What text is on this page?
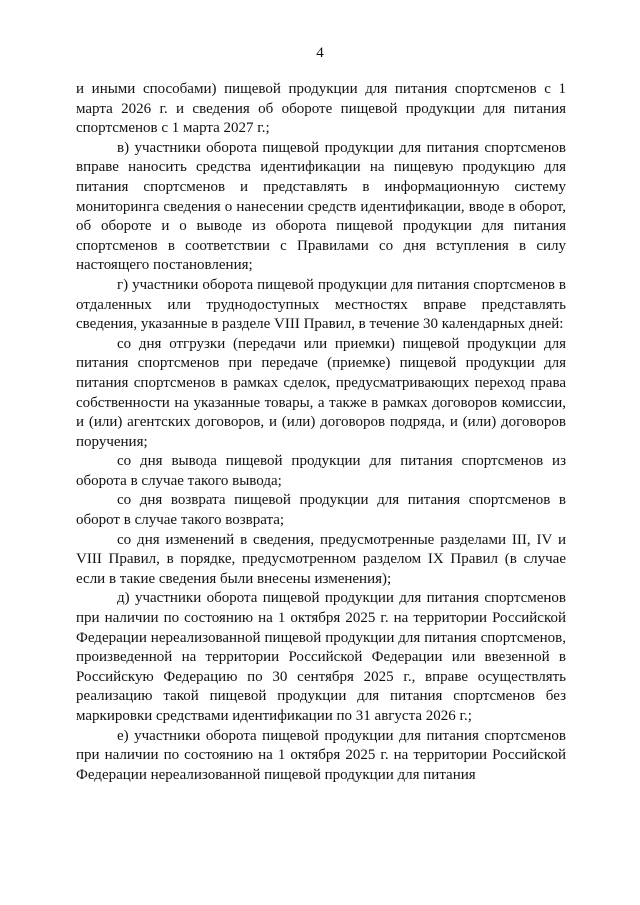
4

и иными способами) пищевой продукции для питания спортсменов с 1 марта 2026 г. и сведения об обороте пищевой продукции для питания спортсменов с 1 марта 2027 г.;

в) участники оборота пищевой продукции для питания спортсменов вправе наносить средства идентификации на пищевую продукцию для питания спортсменов и представлять в информационную систему мониторинга сведения о нанесении средств идентификации, вводе в оборот, об обороте и о выводе из оборота пищевой продукции для питания спортсменов в соответствии с Правилами со дня вступления в силу настоящего постановления;

г) участники оборота пищевой продукции для питания спортсменов в отдаленных или труднодоступных местностях вправе представлять сведения, указанные в разделе VIII Правил, в течение 30 календарных дней:

со дня отгрузки (передачи или приемки) пищевой продукции для питания спортсменов при передаче (приемке) пищевой продукции для питания спортсменов в рамках сделок, предусматривающих переход права собственности на указанные товары, а также в рамках договоров комиссии, и (или) агентских договоров, и (или) договоров подряда, и (или) договоров поручения;

со дня вывода пищевой продукции для питания спортсменов из оборота в случае такого вывода;

со дня возврата пищевой продукции для питания спортсменов в оборот в случае такого возврата;

со дня изменений в сведения, предусмотренные разделами III, IV и VIII Правил, в порядке, предусмотренном разделом IX Правил (в случае если в такие сведения были внесены изменения);

д) участники оборота пищевой продукции для питания спортсменов при наличии по состоянию на 1 октября 2025 г. на территории Российской Федерации нереализованной пищевой продукции для питания спортсменов, произведенной на территории Российской Федерации или ввезенной в Российскую Федерацию по 30 сентября 2025 г., вправе осуществлять реализацию такой пищевой продукции для питания спортсменов без маркировки средствами идентификации по 31 августа 2026 г.;

е) участники оборота пищевой продукции для питания спортсменов при наличии по состоянию на 1 октября 2025 г. на территории Российской Федерации нереализованной пищевой продукции для питания
